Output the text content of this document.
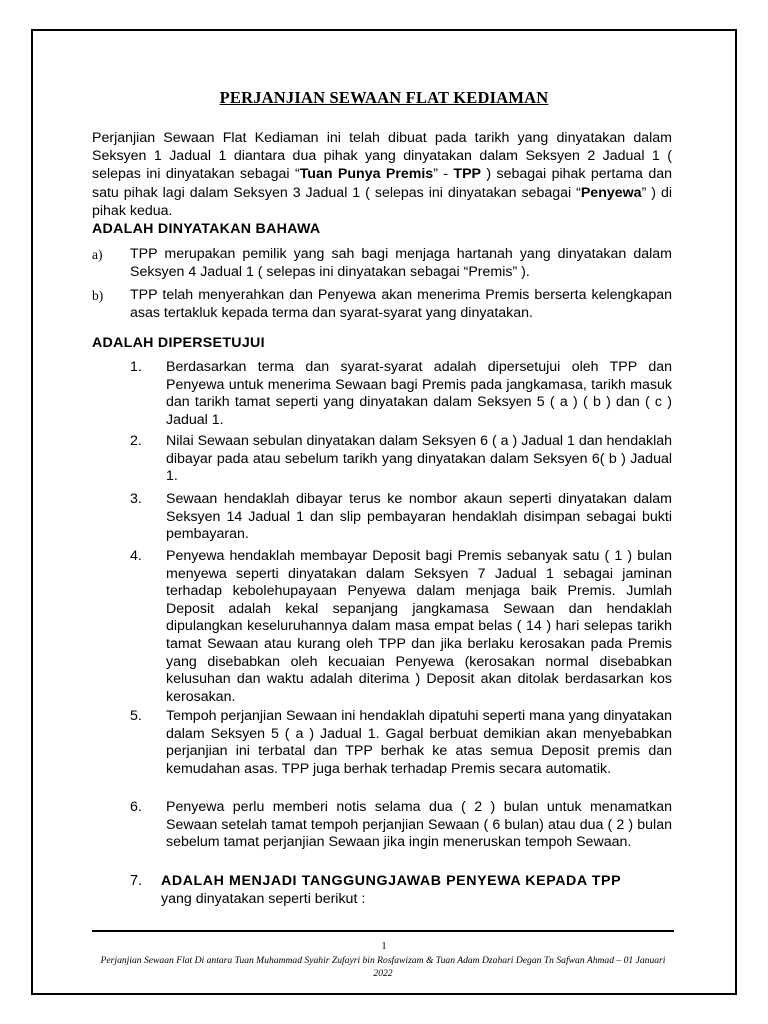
PERJANJIAN SEWAAN FLAT KEDIAMAN

Perjanjian Sewaan Flat Kediaman ini telah dibuat pada tarikh yang dinyatakan dalam Seksyen 1 Jadual 1 diantara dua pihak yang dinyatakan dalam Seksyen 2 Jadual 1 ( selepas ini dinyatakan sebagai “Tuan Punya Premis” - TPP ) sebagai pihak pertama dan satu pihak lagi dalam Seksyen 3 Jadual 1 ( selepas ini dinyatakan sebagai “Penyewa” ) di pihak kedua.

ADALAH DINYATAKAN BAHAWA
a) TPP merupakan pemilik yang sah bagi menjaga hartanah yang dinyatakan dalam Seksyen 4 Jadual 1 ( selepas ini dinyatakan sebagai “Premis” ).
b) TPP telah menyerahkan dan Penyewa akan menerima Premis berserta kelengkapan asas tertakluk kepada terma dan syarat-syarat yang dinyatakan.
ADALAH DIPERSETUJUI
1. Berdasarkan terma dan syarat-syarat adalah dipersetujui oleh TPP dan Penyewa untuk menerima Sewaan bagi Premis pada jangkamasa, tarikh masuk dan tarikh tamat seperti yang dinyatakan dalam Seksyen 5 ( a ) ( b ) dan ( c ) Jadual 1.
2. Nilai Sewaan sebulan dinyatakan dalam Seksyen 6 ( a ) Jadual 1 dan hendaklah dibayar pada atau sebelum tarikh yang dinyatakan dalam Seksyen 6( b ) Jadual 1.
3. Sewaan hendaklah dibayar terus ke nombor akaun seperti dinyatakan dalam Seksyen 14 Jadual 1 dan slip pembayaran hendaklah disimpan sebagai bukti pembayaran.
4. Penyewa hendaklah membayar Deposit bagi Premis sebanyak satu ( 1 ) bulan menyewa seperti dinyatakan dalam Seksyen 7 Jadual 1 sebagai jaminan terhadap kebolehupayaan Penyewa dalam menjaga baik Premis. Jumlah Deposit adalah kekal sepanjang jangkamasa Sewaan dan hendaklah dipulangkan keseluruhannya dalam masa empat belas ( 14 ) hari selepas tarikh tamat Sewaan atau kurang oleh TPP dan jika berlaku kerosakan pada Premis yang disebabkan oleh kecuaian Penyewa (kerosakan normal disebabkan kelusuhan dan waktu adalah diterima ) Deposit akan ditolak berdasarkan kos kerosakan.
5. Tempoh perjanjian Sewaan ini hendaklah dipatuhi seperti mana yang dinyatakan dalam Seksyen 5 ( a ) Jadual 1. Gagal berbuat demikian akan menyebabkan perjanjian ini terbatal dan TPP berhak ke atas semua Deposit premis dan kemudahan asas. TPP juga berhak terhadap Premis secara automatik.
6. Penyewa perlu memberi notis selama dua ( 2 ) bulan untuk menamatkan Sewaan setelah tamat tempoh perjanjian Sewaan ( 6 bulan) atau dua ( 2 ) bulan sebelum tamat perjanjian Sewaan jika ingin meneruskan tempoh Sewaan.
7. ADALAH MENJADI TANGGUNGJAWAB PENYEWA KEPADA TPP
yang dinyatakan seperti berikut :
1
Perjanjian Sewaan Flat Di antara Tuan Muhammad Syahir Zufayri bin Rosfawizam & Tuan Adam Dzahari Degan Tn Safwan Ahmad – 01 Januari 2022
